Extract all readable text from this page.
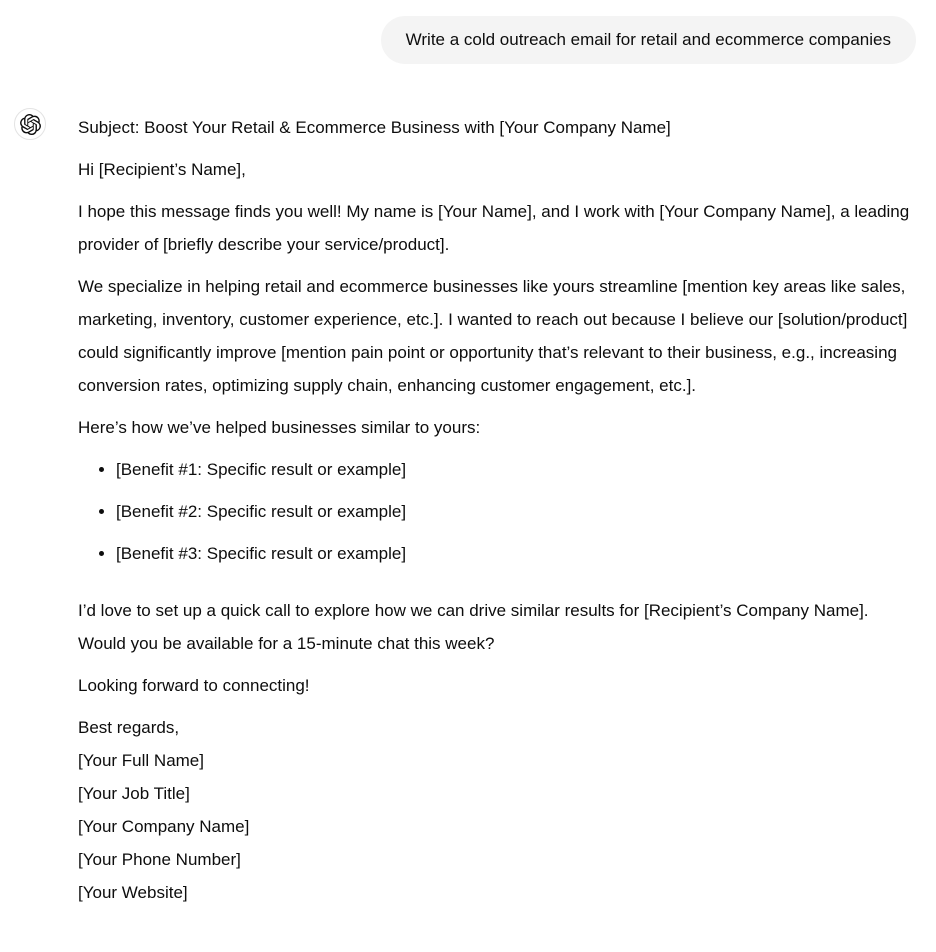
Write a cold outreach email for retail and ecommerce companies

Subject: Boost Your Retail & Ecommerce Business with [Your Company Name]

Hi [Recipient’s Name],

I hope this message finds you well! My name is [Your Name], and I work with [Your Company Name], a leading provider of [briefly describe your service/product].

We specialize in helping retail and ecommerce businesses like yours streamline [mention key areas like sales, marketing, inventory, customer experience, etc.]. I wanted to reach out because I believe our [solution/product] could significantly improve [mention pain point or opportunity that’s relevant to their business, e.g., increasing conversion rates, optimizing supply chain, enhancing customer engagement, etc.].

Here’s how we’ve helped businesses similar to yours:

• [Benefit #1: Specific result or example]
• [Benefit #2: Specific result or example]
• [Benefit #3: Specific result or example]

I’d love to set up a quick call to explore how we can drive similar results for [Recipient’s Company Name]. Would you be available for a 15-minute chat this week?

Looking forward to connecting!

Best regards,
[Your Full Name]
[Your Job Title]
[Your Company Name]
[Your Phone Number]
[Your Website]
